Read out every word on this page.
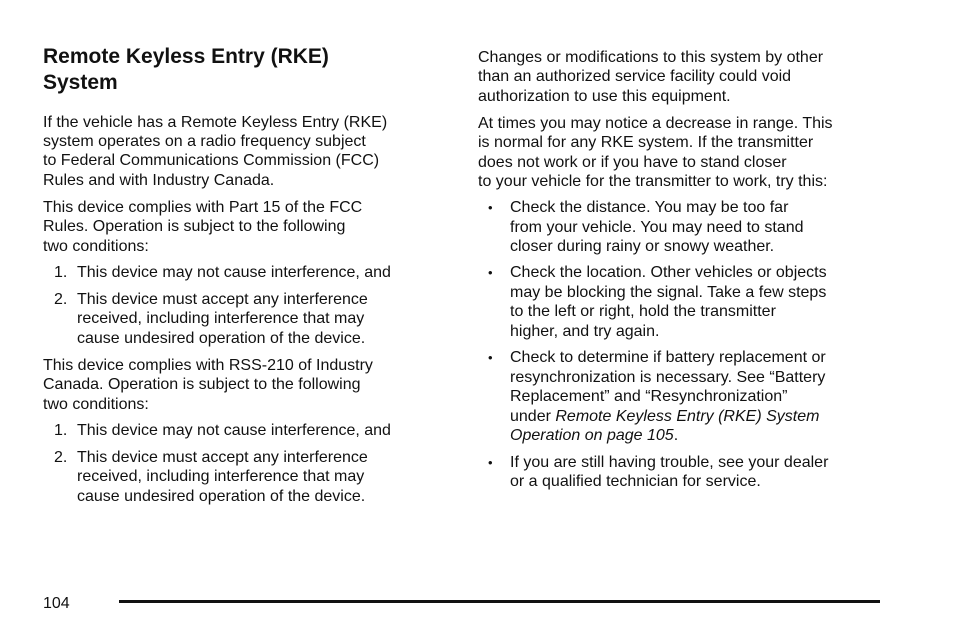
Remote Keyless Entry (RKE)
System
If the vehicle has a Remote Keyless Entry (RKE)
system operates on a radio frequency subject
to Federal Communications Commission (FCC)
Rules and with Industry Canada.
This device complies with Part 15 of the FCC
Rules. Operation is subject to the following
two conditions:
1. This device may not cause interference, and
2. This device must accept any interference
received, including interference that may
cause undesired operation of the device.
This device complies with RSS-210 of Industry
Canada. Operation is subject to the following
two conditions:
1. This device may not cause interference, and
2. This device must accept any interference
received, including interference that may
cause undesired operation of the device.
Changes or modifications to this system by other
than an authorized service facility could void
authorization to use this equipment.
At times you may notice a decrease in range. This
is normal for any RKE system. If the transmitter
does not work or if you have to stand closer
to your vehicle for the transmitter to work, try this:
• Check the distance. You may be too far
from your vehicle. You may need to stand
closer during rainy or snowy weather.
• Check the location. Other vehicles or objects
may be blocking the signal. Take a few steps
to the left or right, hold the transmitter
higher, and try again.
• Check to determine if battery replacement or
resynchronization is necessary. See “Battery
Replacement” and “Resynchronization”
under Remote Keyless Entry (RKE) System
Operation on page 105.
• If you are still having trouble, see your dealer
or a qualified technician for service.
104
